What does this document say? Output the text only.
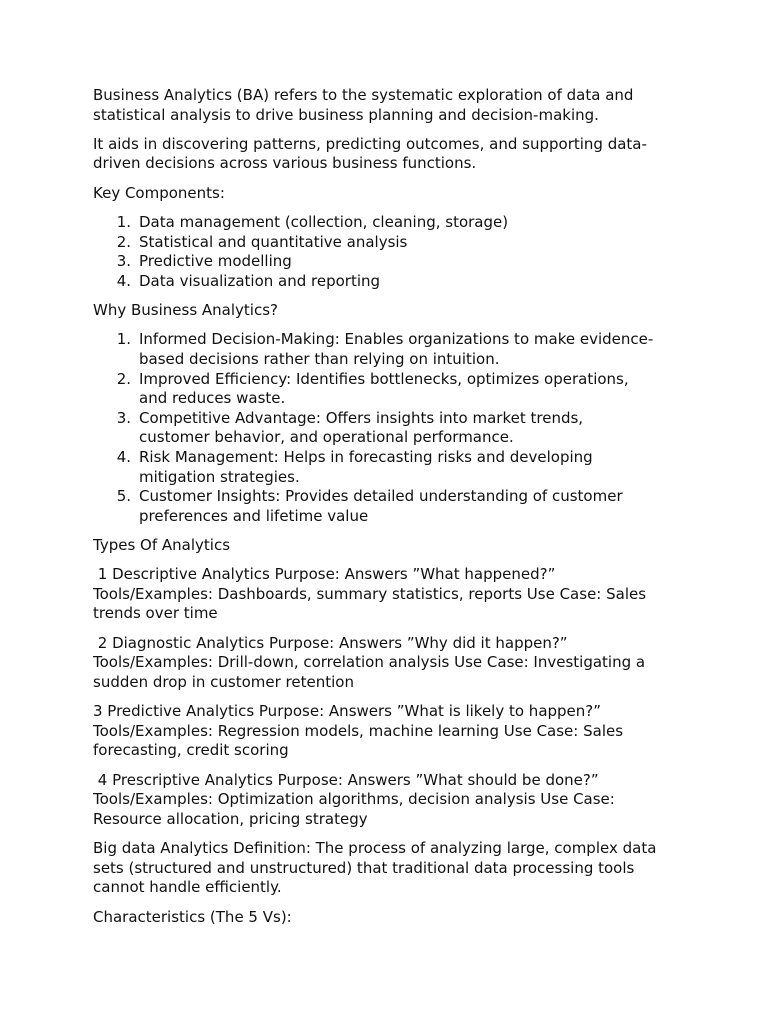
Business Analytics (BA) refers to the systematic exploration of data and
statistical analysis to drive business planning and decision-making.

It aids in discovering patterns, predicting outcomes, and supporting data-
driven decisions across various business functions.

Key Components:

1. Data management (collection, cleaning, storage)
2. Statistical and quantitative analysis
3. Predictive modelling
4. Data visualization and reporting

Why Business Analytics?

1. Informed Decision-Making: Enables organizations to make evidence-
based decisions rather than relying on intuition.
2. Improved Efficiency: Identifies bottlenecks, optimizes operations,
and reduces waste.
3. Competitive Advantage: Offers insights into market trends,
customer behavior, and operational performance.
4. Risk Management: Helps in forecasting risks and developing
mitigation strategies.
5. Customer Insights: Provides detailed understanding of customer
preferences and lifetime value

Types Of Analytics

1 Descriptive Analytics Purpose: Answers ”What happened?”
Tools/Examples: Dashboards, summary statistics, reports Use Case: Sales
trends over time

2 Diagnostic Analytics Purpose: Answers ”Why did it happen?”
Tools/Examples: Drill-down, correlation analysis Use Case: Investigating a
sudden drop in customer retention

3 Predictive Analytics Purpose: Answers ”What is likely to happen?”
Tools/Examples: Regression models, machine learning Use Case: Sales
forecasting, credit scoring

4 Prescriptive Analytics Purpose: Answers ”What should be done?”
Tools/Examples: Optimization algorithms, decision analysis Use Case:
Resource allocation, pricing strategy

Big data Analytics Definition: The process of analyzing large, complex data
sets (structured and unstructured) that traditional data processing tools
cannot handle efficiently.

Characteristics (The 5 Vs):
